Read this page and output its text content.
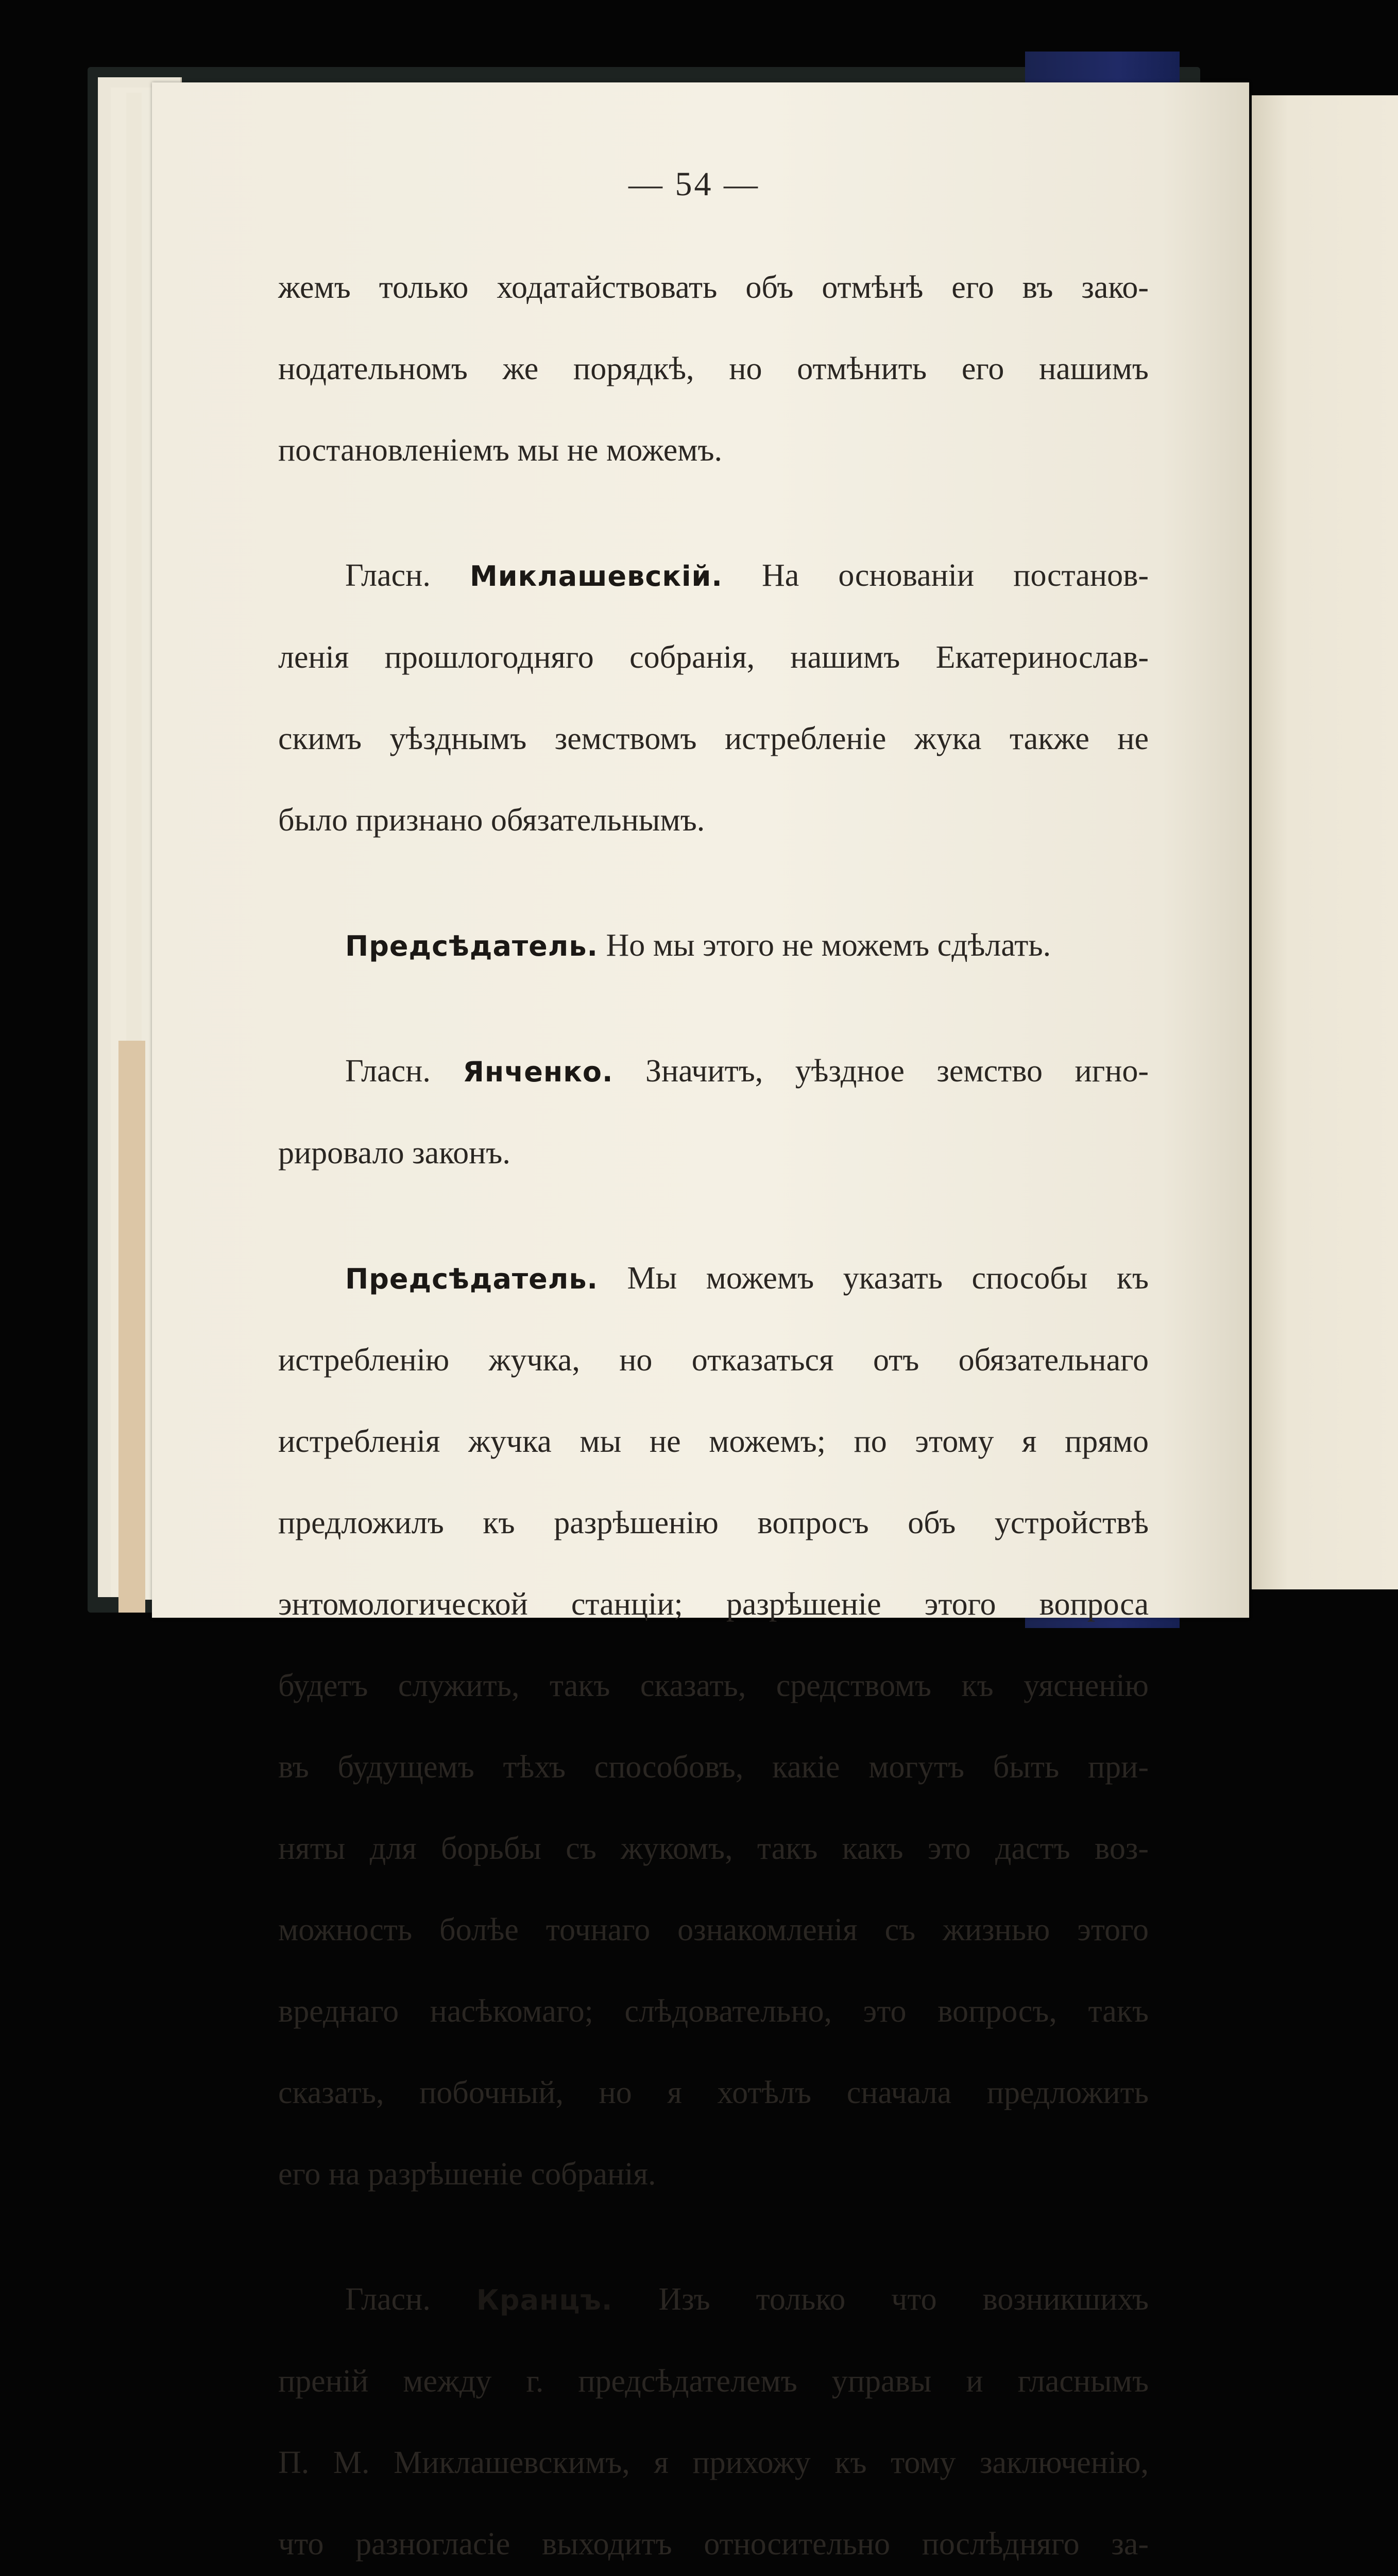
— 54 —

жемъ только ходатайствовать объ отмѣнѣ его въ зако-

нодательномъ же порядкѣ, но отмѣнить его нашимъ

постановленіемъ мы не можемъ.

Гласн. Миклашевскій. На основаніи постанов-

ленія прошлогодняго собранія, нашимъ Екатеринослав-

скимъ уѣзднымъ земствомъ истребленіе жука также не

было признано обязательнымъ.

Предсѣдатель. Но мы этого не можемъ сдѣлать.

Гласн. Янченко. Значитъ, уѣздное земство игно-

рировало законъ.

Предсѣдатель. Мы можемъ указать способы къ

истребленію жучка, но отказаться отъ обязательнаго

истребленія жучка мы не можемъ; по этому я прямо

предложилъ къ разрѣшенію вопросъ объ устройствѣ

энтомологической станціи; разрѣшеніе этого вопроса

будетъ служить, такъ сказать, средствомъ къ уясненію

въ будущемъ тѣхъ способовъ, какіе могутъ быть при-

няты для борьбы съ жукомъ, такъ какъ это дастъ воз-

можность болѣе точнаго ознакомленія съ жизнью этого

вреднаго насѣкомаго; слѣдовательно, это вопросъ, такъ

сказать, побочный, но я хотѣлъ сначала предложить

его на разрѣшеніе собранія.

Гласн. Кранцъ. Изъ только что возникшихъ

преній между г. предсѣдателемъ управы и гласнымъ

П. М. Миклашевскимъ, я прихожу къ тому заключенію,

что разногласіе выходитъ относительно послѣдняго за-
